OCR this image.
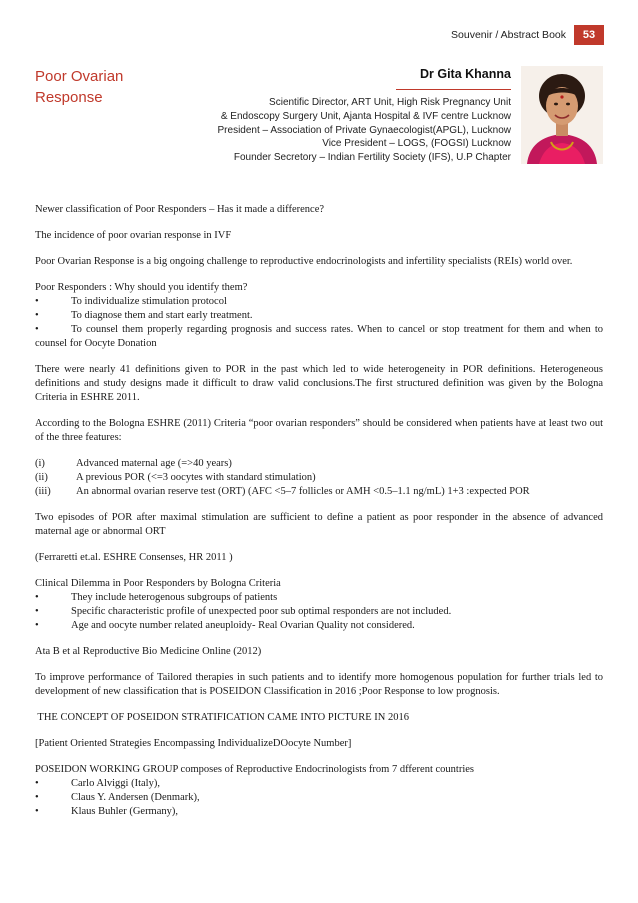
Souvenir / Abstract Book	53
Poor Ovarian
Response
Dr Gita Khanna
Scientific Director, ART Unit, High Risk Pregnancy Unit
& Endoscopy Surgery Unit, Ajanta Hospital & IVF centre Lucknow
President – Association of Private Gynaecologist(APGL), Lucknow
Vice President – LOGS, (FOGSI) Lucknow
Founder Secretory – Indian Fertility Society (IFS), U.P Chapter

Newer classification of Poor Responders – Has it made a difference?

The incidence of poor ovarian response in IVF

Poor Ovarian Response is a big ongoing challenge to reproductive endocrinologists and infertility specialists (REIs) world over.

Poor Responders : Why should you identify them?
•	To individualize stimulation protocol
•	To diagnose them and start early treatment.
•	To counsel them properly regarding prognosis and success rates. When to cancel or stop treatment for them and when to counsel for Oocyte Donation

There were nearly 41 definitions given to POR in the past which led to wide heterogeneity in POR definitions. Heterogeneous definitions and study designs made it difficult to draw valid conclusions.The first structured definition was given by the Bologna Criteria in ESHRE 2011.

According to the Bologna ESHRE (2011) Criteria “poor ovarian responders” should be considered when patients have at least two out of the three features:

(i)	Advanced maternal age (=>40 years)
(ii)	A previous POR (<=3 oocytes with standard stimulation)
(iii)	An abnormal ovarian reserve test (ORT) (AFC <5–7 follicles or AMH <0.5–1.1 ng/mL) 1+3 :expected POR

Two episodes of POR after maximal stimulation are sufficient to define a patient as poor responder in the absence of advanced maternal age or abnormal ORT

(Ferraretti et.al. ESHRE Consenses, HR 2011 )

Clinical Dilemma in Poor Responders by Bologna Criteria
•	They include heterogenous subgroups of patients
•	Specific characteristic profile of unexpected poor sub optimal responders are not included.
•	Age and oocyte number related aneuploidy- Real Ovarian Quality not considered.

Ata B et al Reproductive Bio Medicine Online (2012)

To improve performance of Tailored therapies in such patients and to identify more homogenous population for further trials led to development of new classification that is POSEIDON Classification in 2016 ;Poor Response to low prognosis.

THE CONCEPT OF POSEIDON STRATIFICATION CAME INTO PICTURE IN 2016

[Patient Oriented Strategies Encompassing IndividualizeDOocyte Number]

POSEIDON WORKING GROUP composes of Reproductive Endocrinologists from 7 dfferent countries
•	Carlo Alviggi (Italy),
•	Claus Y. Andersen (Denmark),
•	Klaus Buhler (Germany),
